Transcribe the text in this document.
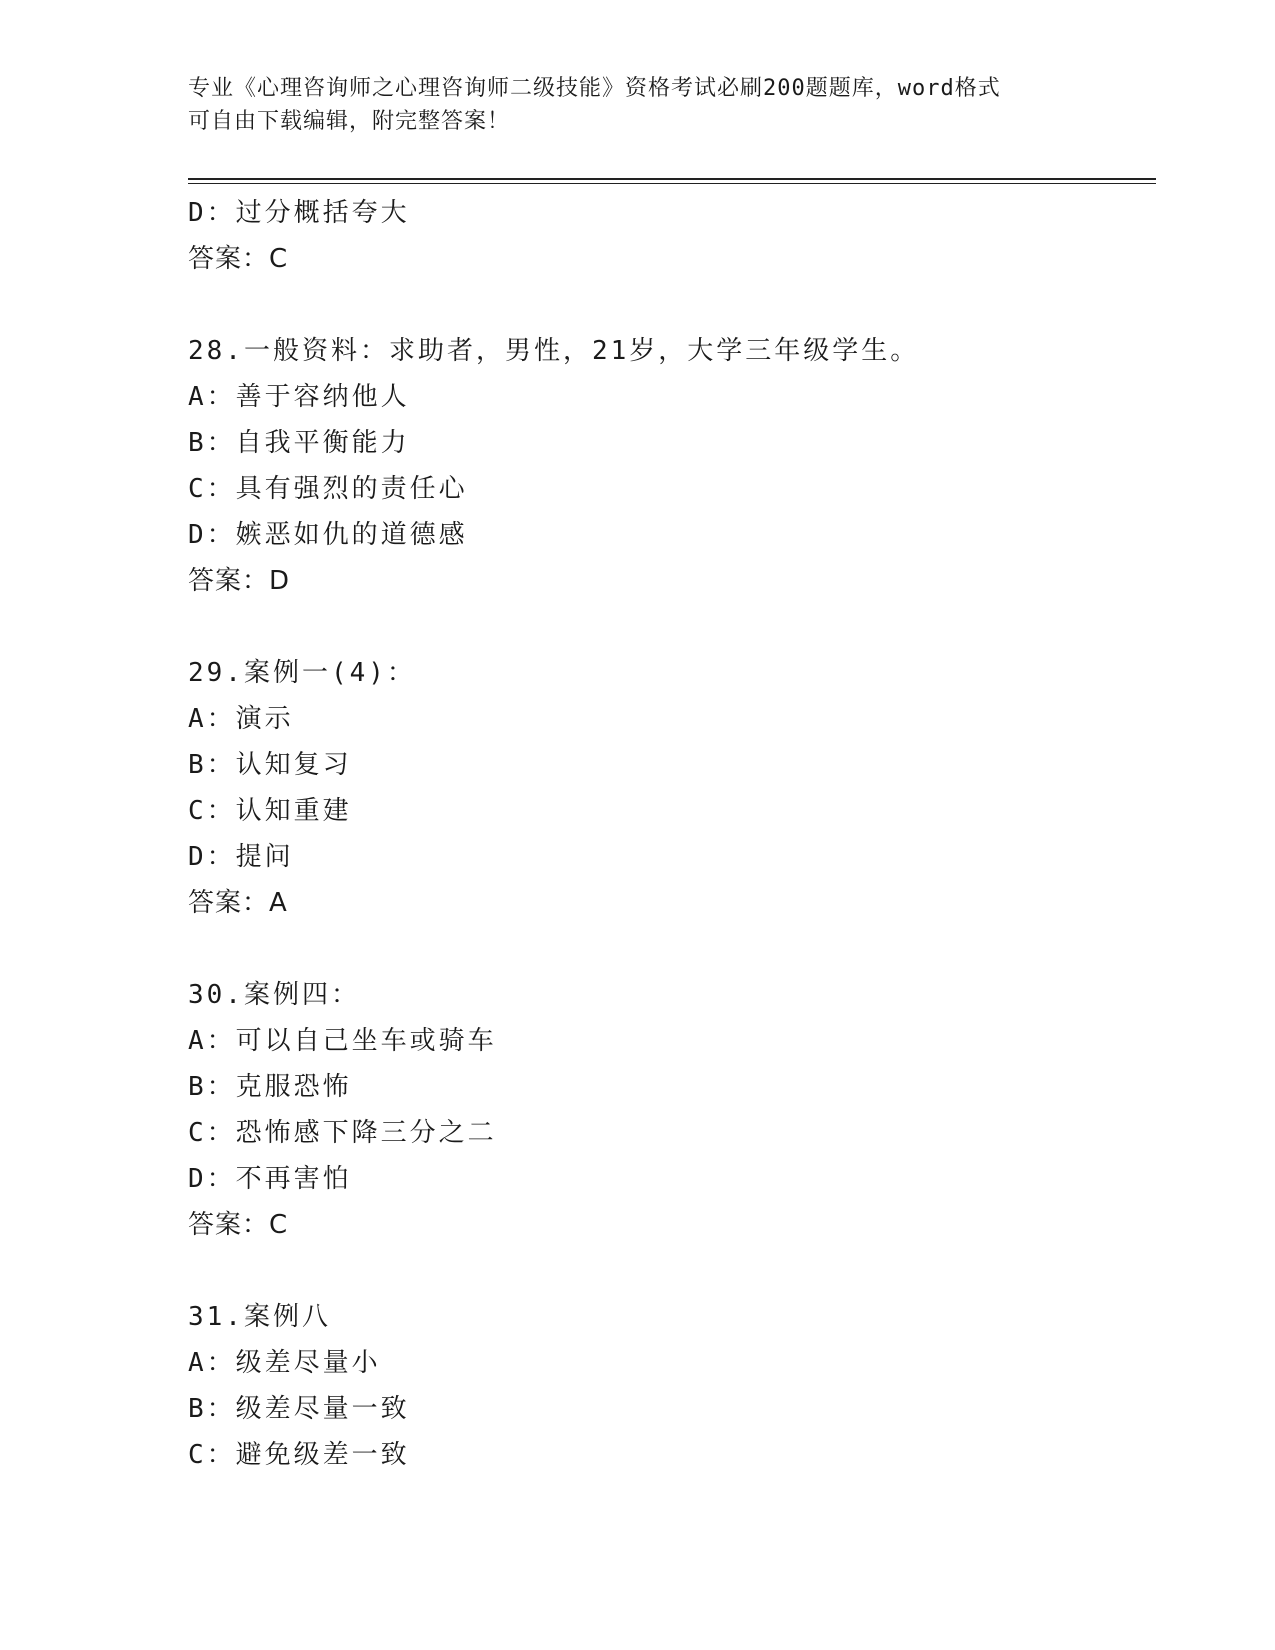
专业《心理咨询师之心理咨询师二级技能》资格考试必刷200题题库，word格式
可自由下载编辑，附完整答案！
D：过分概括夸大
答案：C
28.一般资料：求助者，男性，21岁，大学三年级学生。
A：善于容纳他人
B：自我平衡能力
C：具有强烈的责任心
D：嫉恶如仇的道德感
答案：D
29.案例一(4)：
A：演示
B：认知复习
C：认知重建
D：提问
答案：A
30.案例四：
A：可以自己坐车或骑车
B：克服恐怖
C：恐怖感下降三分之二
D：不再害怕
答案：C
31.案例八
A：级差尽量小
B：级差尽量一致
C：避免级差一致
